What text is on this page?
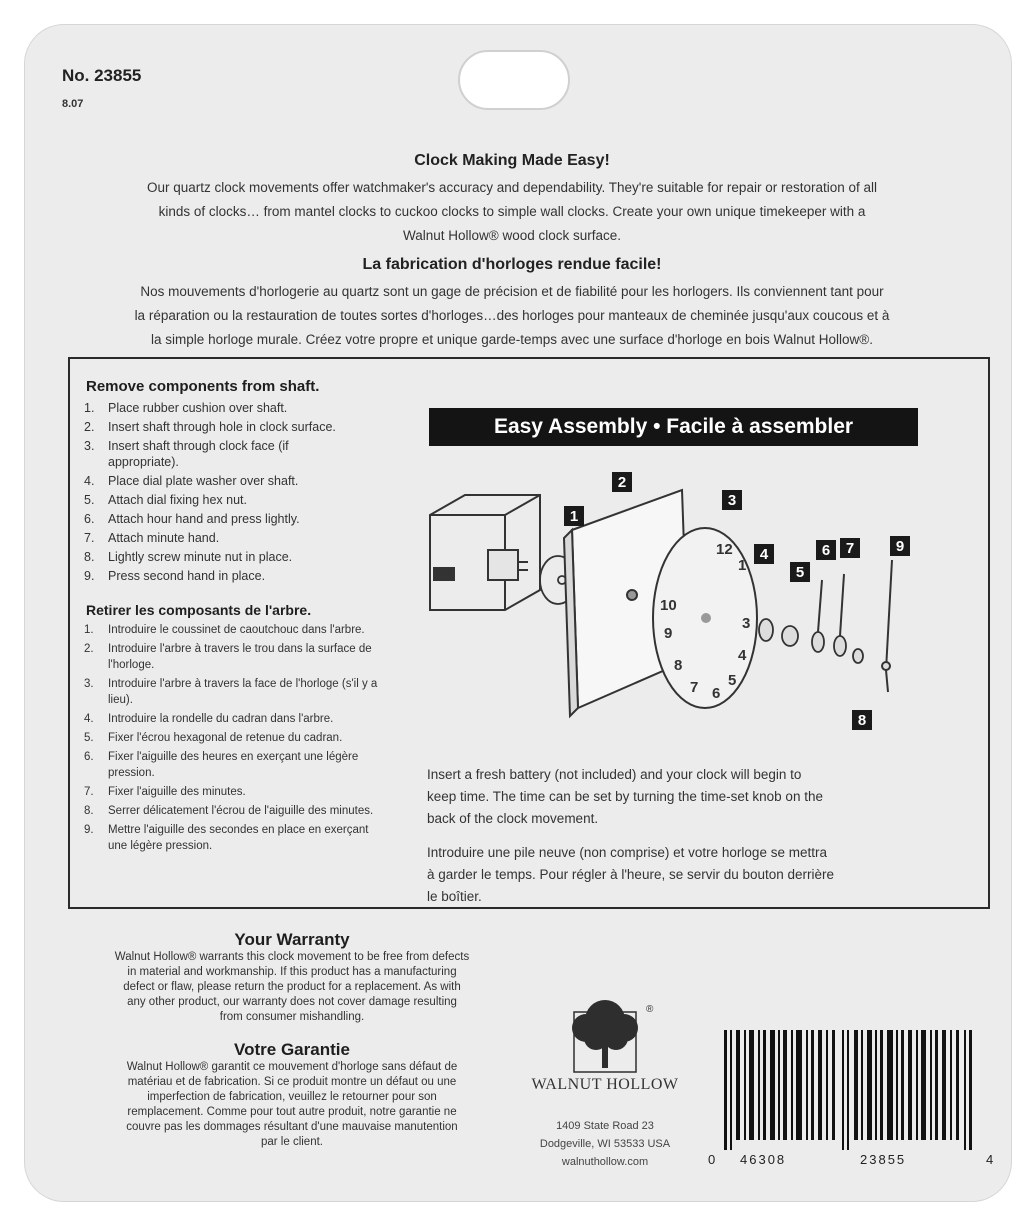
No. 23855
8.07
Clock Making Made Easy!
Our quartz clock movements offer watchmaker's accuracy and dependability. They're suitable for repair or restoration of all
kinds of clocks… from mantel clocks to cuckoo clocks to simple wall clocks. Create your own unique timekeeper with a
Walnut Hollow® wood clock surface.
La fabrication d'horloges rendue facile!
Nos mouvements d'horlogerie au quartz sont un gage de précision et de fiabilité pour les horlogers. Ils conviennent tant pour
la réparation ou la restauration de toutes sortes d'horloges…des horloges pour manteaux de cheminée jusqu'aux coucous et à
la simple horloge murale. Créez votre propre et unique garde-temps avec une surface d'horloge en bois Walnut Hollow®.
Remove components from shaft.
1.	Place rubber cushion over shaft.
2.	Insert shaft through hole in clock surface.
3.	Insert shaft through clock face (if appropriate).
4.	Place dial plate washer over shaft.
5.	Attach dial fixing hex nut.
6.	Attach hour hand and press lightly.
7.	Attach minute hand.
8.	Lightly screw minute nut in place.
9.	Press second hand in place.
Retirer les composants de l'arbre.
1.	Introduire le coussinet de caoutchouc dans l'arbre.
2.	Introduire l'arbre à travers le trou dans la surface de l'horloge.
3.	Introduire l'arbre à travers la face de l'horloge (s'il y a lieu).
4.	Introduire la rondelle du cadran dans l'arbre.
5.	Fixer l'écrou hexagonal de retenue du cadran.
6.	Fixer l'aiguille des heures en exerçant une légère pression.
7.	Fixer l'aiguille des minutes.
8.	Serrer délicatement l'écrou de l'aiguille des minutes.
9.	Mettre l'aiguille des secondes en place en exerçant une légère pression.
Easy Assembly • Facile à assembler
12
1
3
4
5
6
7
8
9
10
1
2
3
4
5
6 7
8
9
Insert a fresh battery (not included) and your clock will begin to
keep time. The time can be set by turning the time-set knob on the
back of the clock movement.
Introduire une pile neuve (non comprise) et votre horloge se mettra
à garder le temps. Pour régler à l'heure, se servir du bouton derrière
le boîtier.
Your Warranty
Walnut Hollow® warrants this clock movement to be free from defects
in material and workmanship. If this product has a manufacturing
defect or flaw, please return the product for a replacement. As with
any other product, our warranty does not cover damage resulting
from consumer mishandling.
Votre Garantie
Walnut Hollow® garantit ce mouvement d'horloge sans défaut de
matériau et de fabrication. Si ce produit montre un défaut ou une
imperfection de fabrication, veuillez le retourner pour son
remplacement. Comme pour tout autre produit, notre garantie ne
couvre pas les dommages résultant d'une mauvaise manutention
par le client.
®
WALNUT HOLLOW
1409 State Road 23
Dodgeville, WI 53533 USA
walnuthollow.com	0 46308	23855	4
